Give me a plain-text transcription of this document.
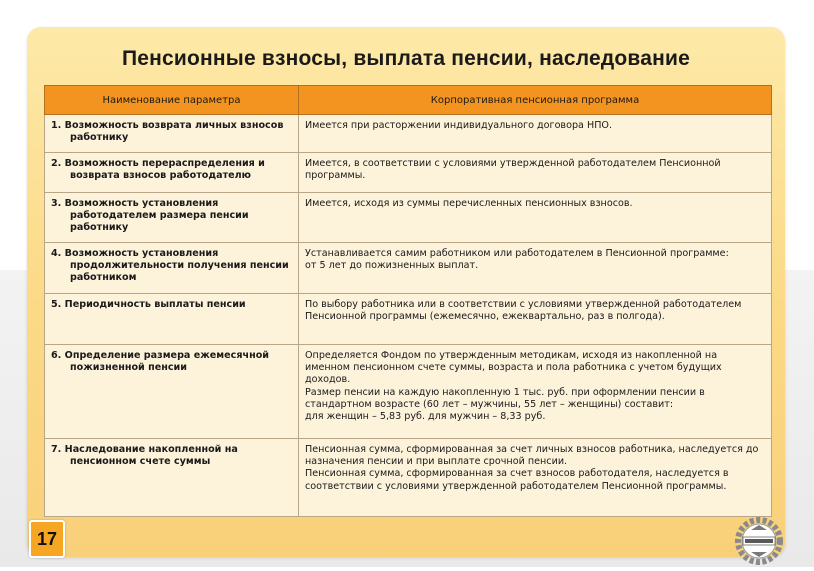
Пенсионные взносы, выплата пенсии, наследование
Наименование параметра	Корпоративная пенсионная программа

1. Возможность возврата личных взносов работнику	Имеется при расторжении индивидуального договора НПО.

2. Возможность перераспределения и возврата взносов работодателю	Имеется, в соответствии с условиями утвержденной работодателем Пенсионной программы.

3. Возможность установления работодателем размера пенсии работнику	Имеется, исходя из суммы перечисленных пенсионных взносов.

4. Возможность установления продолжительности получения пенсии работником	Устанавливается самим работником или работодателем в Пенсионной программе:
от 5 лет до пожизненных выплат.

5. Периодичность выплаты пенсии	По выбору работника или в соответствии с условиями утвержденной работодателем Пенсионной программы (ежемесячно, ежеквартально, раз в полгода).

6. Определение размера ежемесячной пожизненной пенсии	Определяется Фондом по утвержденным методикам, исходя из накопленной на именном пенсионном счете суммы, возраста и пола работника с учетом будущих доходов.
Размер пенсии на каждую накопленную 1 тыс. руб. при оформлении пенсии в стандартном возрасте (60 лет – мужчины, 55 лет – женщины) составит:
для женщин – 5,83 руб. для мужчин – 8,33 руб.

7. Наследование накопленной на пенсионном счете суммы	Пенсионная сумма, сформированная за счет личных взносов работника, наследуется до назначения пенсии и при выплате срочной пенсии.
Пенсионная сумма, сформированная за счет взносов работодателя, наследуется в соответствии с условиями утвержденной работодателем Пенсионной программы.
17
